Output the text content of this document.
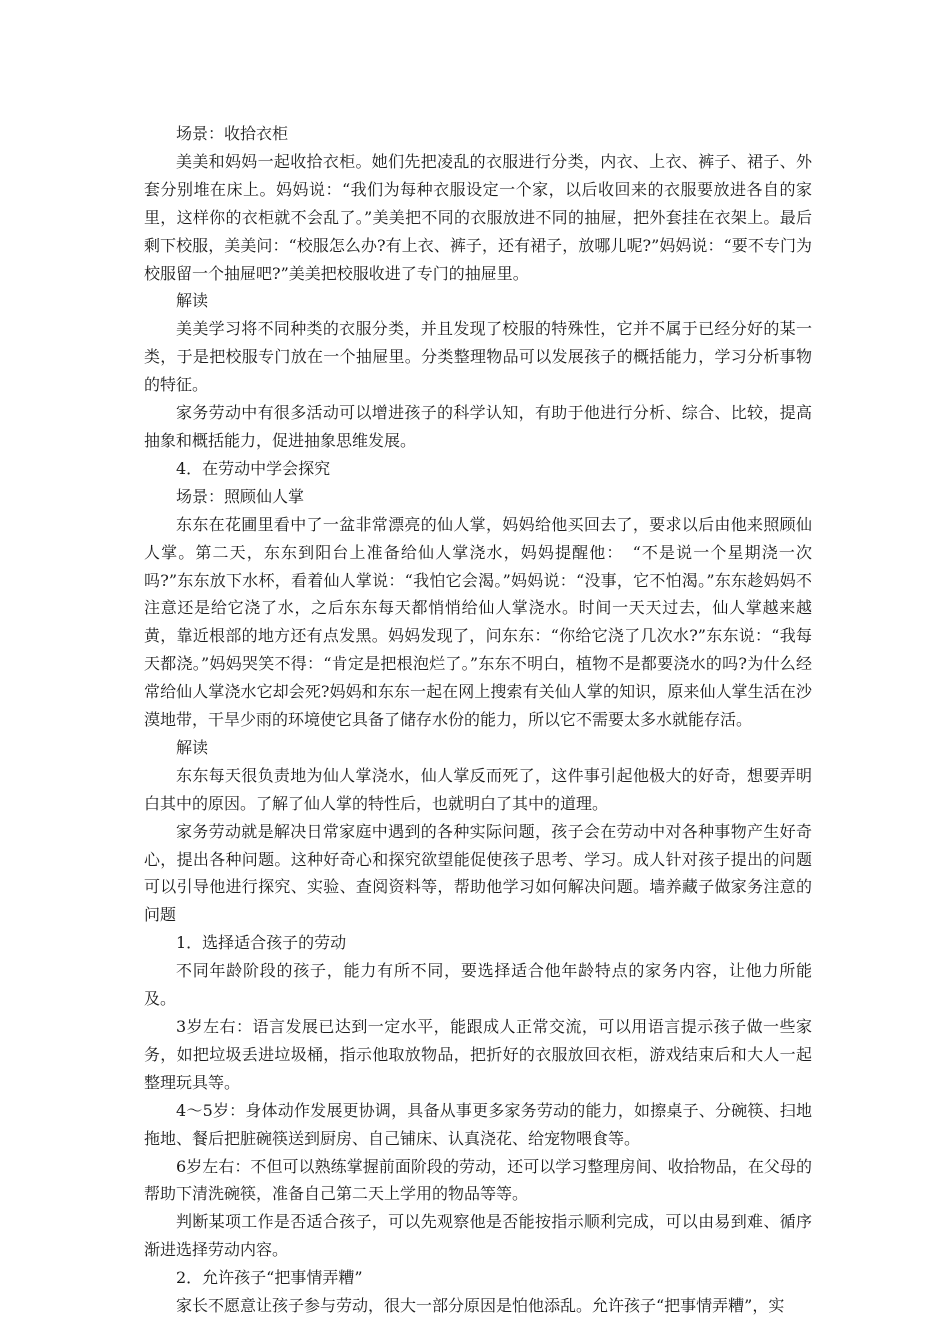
场景：收拾衣柜

美美和妈妈一起收拾衣柜。她们先把凌乱的衣服进行分类，内衣、上衣、裤子、裙子、外套分别堆在床上。妈妈说：“我们为每种衣服设定一个家，以后收回来的衣服要放进各自的家里，这样你的衣柜就不会乱了。”美美把不同的衣服放进不同的抽屉，把外套挂在衣架上。最后剩下校服，美美问：“校服怎么办?有上衣、裤子，还有裙子，放哪儿呢?”妈妈说：“要不专门为校服留一个抽屉吧?”美美把校服收进了专门的抽屉里。

解读

美美学习将不同种类的衣服分类，并且发现了校服的特殊性，它并不属于已经分好的某一类，于是把校服专门放在一个抽屉里。分类整理物品可以发展孩子的概括能力，学习分析事物的特征。

家务劳动中有很多活动可以增进孩子的科学认知，有助于他进行分析、综合、比较，提高抽象和概括能力，促进抽象思维发展。

4．在劳动中学会探究

场景：照顾仙人掌

东东在花圃里看中了一盆非常漂亮的仙人掌，妈妈给他买回去了，要求以后由他来照顾仙人掌。第二天，东东到阳台上准备给仙人掌浇水，妈妈提醒他：　“不是说一个星期浇一次吗?”东东放下水杯，看着仙人掌说：“我怕它会渴。”妈妈说：“没事，它不怕渴。”东东趁妈妈不注意还是给它浇了水，之后东东每天都悄悄给仙人掌浇水。时间一天天过去，仙人掌越来越黄，靠近根部的地方还有点发黑。妈妈发现了，问东东：“你给它浇了几次水?”东东说：“我每天都浇。”妈妈哭笑不得：“肯定是把根泡烂了。”东东不明白，植物不是都要浇水的吗?为什么经常给仙人掌浇水它却会死?妈妈和东东一起在网上搜索有关仙人掌的知识，原来仙人掌生活在沙漠地带，干旱少雨的环境使它具备了储存水份的能力，所以它不需要太多水就能存活。

解读

东东每天很负责地为仙人掌浇水，仙人掌反而死了，这件事引起他极大的好奇，想要弄明白其中的原因。了解了仙人掌的特性后，也就明白了其中的道理。

家务劳动就是解决日常家庭中遇到的各种实际问题，孩子会在劳动中对各种事物产生好奇心，提出各种问题。这种好奇心和探究欲望能促使孩子思考、学习。成人针对孩子提出的问题可以引导他进行探究、实验、查阅资料等，帮助他学习如何解决问题。墙养藏子做家务注意的问题

1．选择适合孩子的劳动

不同年龄阶段的孩子，能力有所不同，要选择适合他年龄特点的家务内容，让他力所能及。

3岁左右：语言发展已达到一定水平，能跟成人正常交流，可以用语言提示孩子做一些家务，如把垃圾丢进垃圾桶，指示他取放物品，把折好的衣服放回衣柜，游戏结束后和大人一起整理玩具等。

4～5岁：身体动作发展更协调，具备从事更多家务劳动的能力，如擦桌子、分碗筷、扫地拖地、餐后把脏碗筷送到厨房、自己铺床、认真浇花、给宠物喂食等。

6岁左右：不但可以熟练掌握前面阶段的劳动，还可以学习整理房间、收拾物品，在父母的帮助下清洗碗筷，准备自己第二天上学用的物品等等。

判断某项工作是否适合孩子，可以先观察他是否能按指示顺利完成，可以由易到难、循序渐进选择劳动内容。

2．允许孩子“把事情弄糟”

家长不愿意让孩子参与劳动，很大一部分原因是怕他添乱。允许孩子“把事情弄糟”，实
